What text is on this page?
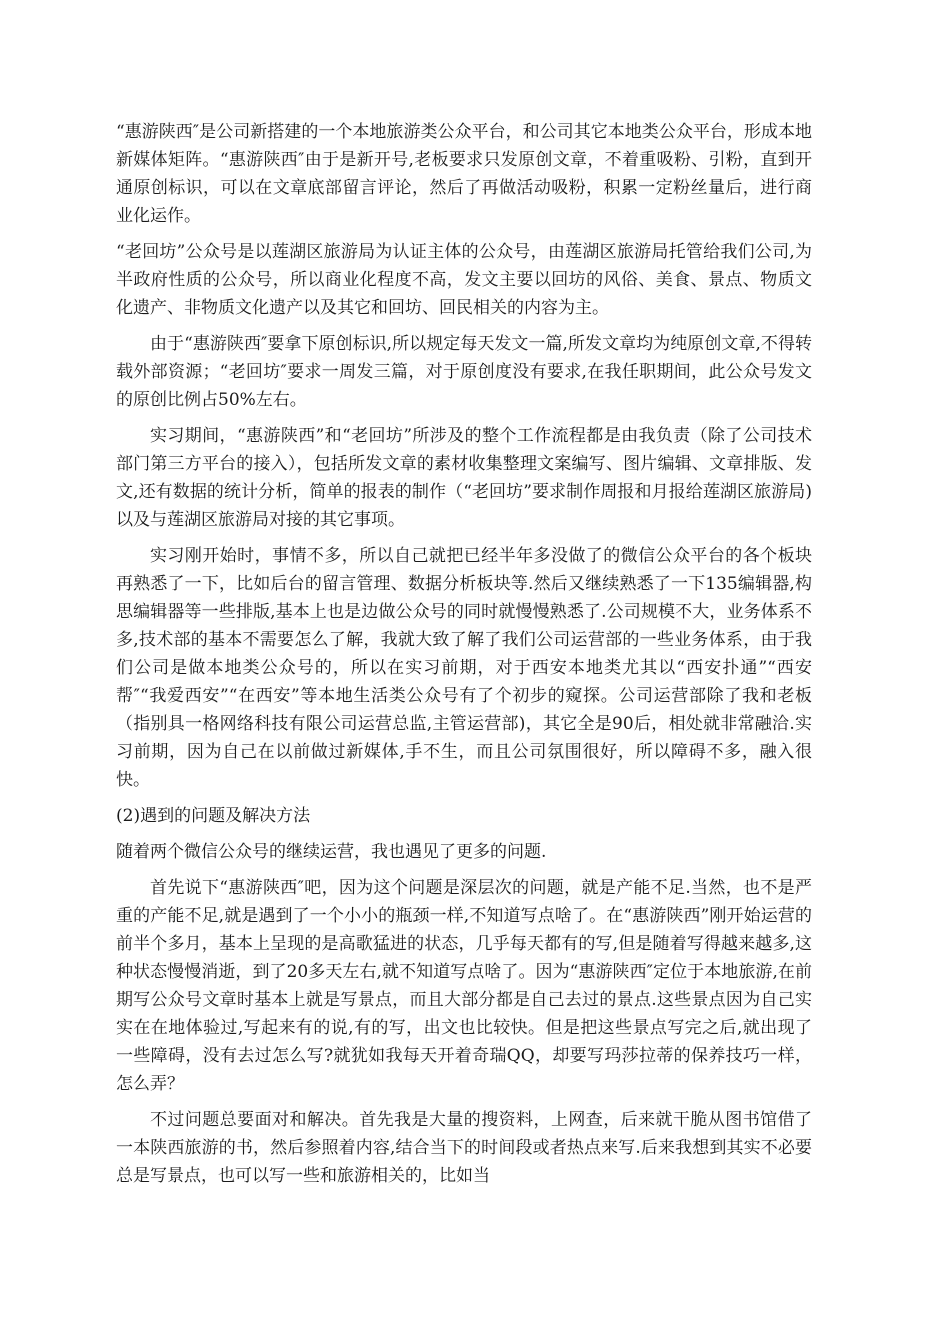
“惠游陕西″是公司新搭建的一个本地旅游类公众平台，和公司其它本地类公众平台，形成本地新媒体矩阵。“惠游陕西″由于是新开号,老板要求只发原创文章，不着重吸粉、引粉，直到开通原创标识，可以在文章底部留言评论，然后了再做活动吸粉，积累一定粉丝量后，进行商业化运作。

“老回坊”公众号是以莲湖区旅游局为认证主体的公众号，由莲湖区旅游局托管给我们公司,为半政府性质的公众号，所以商业化程度不高，发文主要以回坊的风俗、美食、景点、物质文化遗产、非物质文化遗产以及其它和回坊、回民相关的内容为主。

由于“惠游陕西″要拿下原创标识,所以规定每天发文一篇,所发文章均为纯原创文章,不得转载外部资源；“老回坊″要求一周发三篇，对于原创度没有要求,在我任职期间，此公众号发文的原创比例占50%左右。

实习期间，“惠游陕西”和“老回坊”所涉及的整个工作流程都是由我负责（除了公司技术部门第三方平台的接入），包括所发文章的素材收集整理文案编写、图片编辑、文章排版、发文,还有数据的统计分析，简单的报表的制作（“老回坊”要求制作周报和月报给莲湖区旅游局)以及与莲湖区旅游局对接的其它事项。

实习刚开始时，事情不多，所以自己就把已经半年多没做了的微信公众平台的各个板块再熟悉了一下，比如后台的留言管理、数据分析板块等.然后又继续熟悉了一下135编辑器,构思编辑器等一些排版,基本上也是边做公众号的同时就慢慢熟悉了.公司规模不大，业务体系不多,技术部的基本不需要怎么了解，我就大致了解了我们公司运营部的一些业务体系，由于我们公司是做本地类公众号的，所以在实习前期，对于西安本地类尤其以“西安扑通”“西安帮″“我爱西安”“在西安”等本地生活类公众号有了个初步的窥探。公司运营部除了我和老板（指别具一格网络科技有限公司运营总监,主管运营部)，其它全是90后，相处就非常融洽.实习前期，因为自己在以前做过新媒体,手不生，而且公司氛围很好，所以障碍不多，融入很快。

(2)遇到的问题及解决方法

随着两个微信公众号的继续运营，我也遇见了更多的问题.

首先说下“惠游陕西″吧，因为这个问题是深层次的问题，就是产能不足.当然，也不是严重的产能不足,就是遇到了一个小小的瓶颈一样,不知道写点啥了。在“惠游陕西”刚开始运营的前半个多月，基本上呈现的是高歌猛进的状态，几乎每天都有的写,但是随着写得越来越多,这种状态慢慢消逝，到了20多天左右,就不知道写点啥了。因为“惠游陕西″定位于本地旅游,在前期写公众号文章时基本上就是写景点，而且大部分都是自己去过的景点.这些景点因为自己实实在在地体验过,写起来有的说,有的写，出文也比较快。但是把这些景点写完之后,就出现了一些障碍，没有去过怎么写?就犹如我每天开着奇瑞QQ，却要写玛莎拉蒂的保养技巧一样，怎么弄？

不过问题总要面对和解决。首先我是大量的搜资料，上网查，后来就干脆从图书馆借了一本陕西旅游的书，然后参照着内容,结合当下的时间段或者热点来写.后来我想到其实不必要总是写景点，也可以写一些和旅游相关的，比如当
